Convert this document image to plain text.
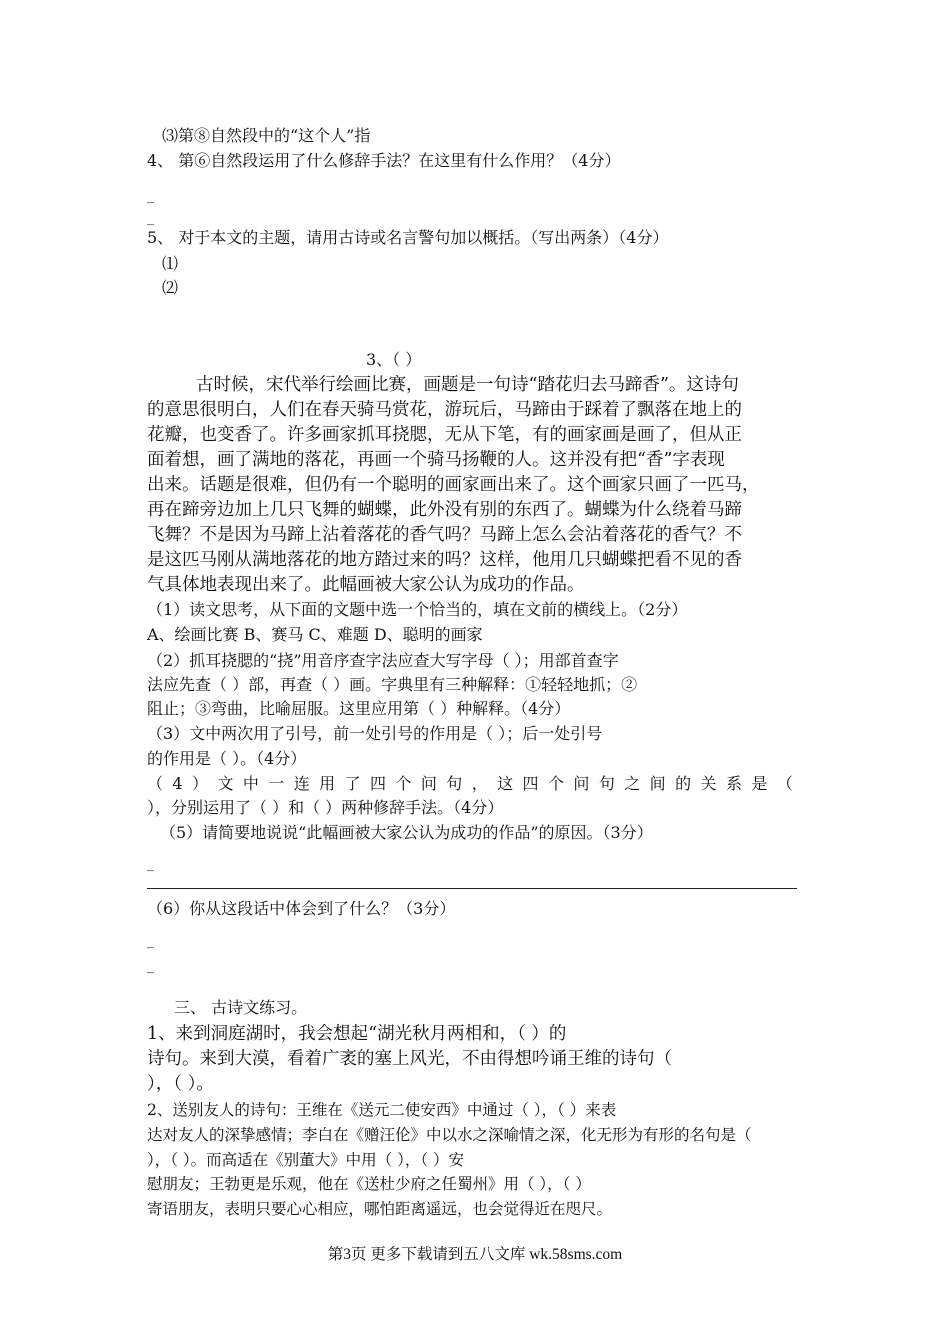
⑶第⑧自然段中的“这个人”指
4、 第⑥自然段运用了什么修辞手法？在这里有什么作用？（4分）
_
_
5、 对于本文的主题，请用古诗或名言警句加以概括。（写出两条）（4分）
⑴
⑵
3、（ ）
古时候，宋代举行绘画比赛，画题是一句诗“踏花归去马蹄香”。这诗句
的意思很明白，人们在春天骑马赏花，游玩后，马蹄由于踩着了飘落在地上的
花瓣，也变香了。许多画家抓耳挠腮，无从下笔，有的画家画是画了，但从正
面着想，画了满地的落花，再画一个骑马扬鞭的人。这并没有把“香”字表现
出来。话题是很难，但仍有一个聪明的画家画出来了。这个画家只画了一匹马，
再在蹄旁边加上几只飞舞的蝴蝶，此外没有别的东西了。蝴蝶为什么绕着马蹄
飞舞？不是因为马蹄上沾着落花的香气吗？马蹄上怎么会沾着落花的香气？不
是这匹马刚从满地落花的地方踏过来的吗？这样，他用几只蝴蝶把看不见的香
气具体地表现出来了。此幅画被大家公认为成功的作品。
（1）读文思考，从下面的文题中选一个恰当的，填在文前的横线上。（2分）
A、绘画比赛 B、赛马 C、难题 D、聪明的画家
（2）抓耳挠腮的“挠”用音序查字法应查大写字母（ ）；用部首查字
法应先查（ ）部，再查（ ）画。字典里有三种解释：①轻轻地抓；②
阻止；③弯曲，比喻屈服。这里应用第（ ）种解释。（4分）
（3）文中两次用了引号，前一处引号的作用是（ ）；后一处引号
的作用是（ ）。（4分）
（4）文中一连用了四个问句，这四个问句之间的关系是（
），分别运用了（ ）和（ ）两种修辞手法。（4分）
（5）请简要地说说“此幅画被大家公认为成功的作品”的原因。（3分）
_
（6）你从这段话中体会到了什么？（3分）
_
_
三、 古诗文练习。
1、来到洞庭湖时，我会想起“湖光秋月两相和，（ ）的
诗句。来到大漠，看着广袤的塞上风光，不由得想吟诵王维的诗句（
），（ ）。
2、送别友人的诗句：王维在《送元二使安西》中通过（ ），（ ）来表
达对友人的深挚感情；李白在《赠汪伦》中以水之深喻情之深，化无形为有形的名句是（
），（ ）。而高适在《别董大》中用（ ），（ ）安
慰朋友；王勃更是乐观，他在《送杜少府之任蜀州》用（ ），（ ）
寄语朋友，表明只要心心相应，哪怕距离遥远，也会觉得近在咫尺。
第3页 更多下载请到五八文库 wk.58sms.com
